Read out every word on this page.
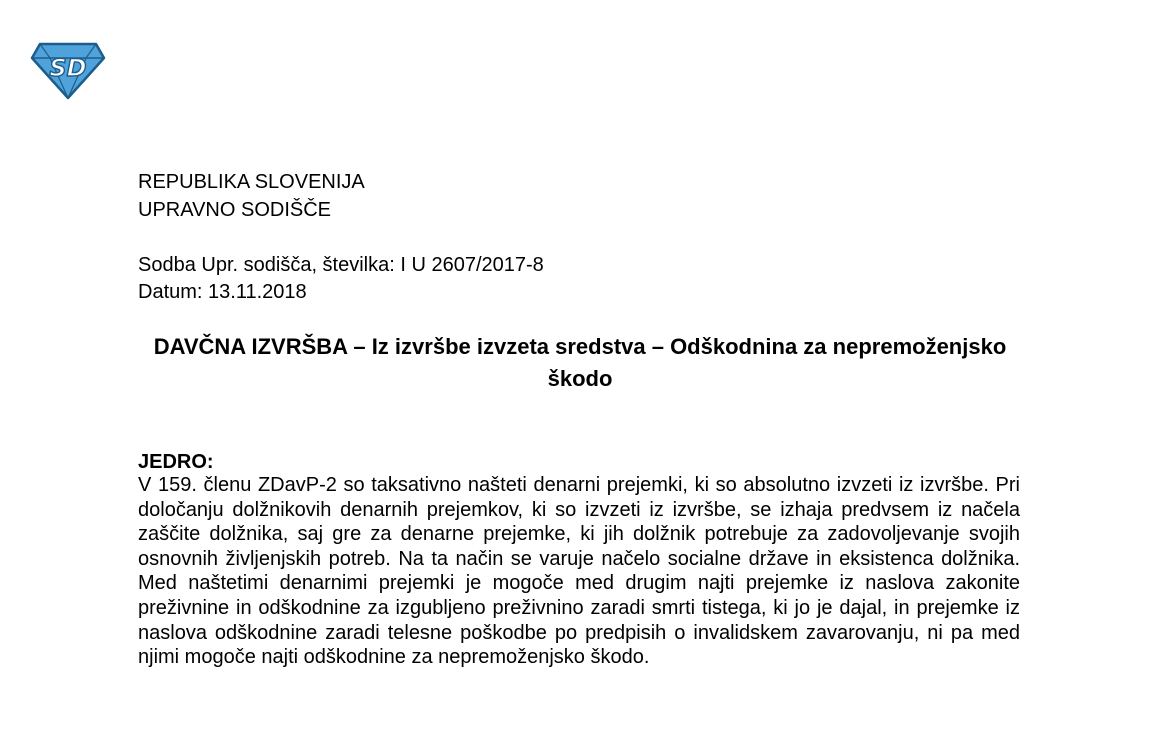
SD
REPUBLIKA SLOVENIJA
UPRAVNO SODIŠČE
Sodba Upr. sodišča, številka: I U 2607/2017-8
Datum: 13.11.2018
DAVČNA IZVRŠBA – Iz izvršbe izvzeta sredstva – Odškodnina za nepremoženjsko škodo
JEDRO:
V 159. členu ZDavP-2 so taksativno našteti denarni prejemki, ki so absolutno izvzeti iz izvršbe. Pri določanju dolžnikovih denarnih prejemkov, ki so izvzeti iz izvršbe, se izhaja predvsem iz načela zaščite dolžnika, saj gre za denarne prejemke, ki jih dolžnik potrebuje za zadovoljevanje svojih osnovnih življenjskih potreb. Na ta način se varuje načelo socialne države in eksistenca dolžnika. Med naštetimi denarnimi prejemki je mogoče med drugim najti prejemke iz naslova zakonite preživnine in odškodnine za izgubljeno preživnino zaradi smrti tistega, ki jo je dajal, in prejemke iz naslova odškodnine zaradi telesne poškodbe po predpisih o invalidskem zavarovanju, ni pa med njimi mogoče najti odškodnine za nepremoženjsko škodo.
